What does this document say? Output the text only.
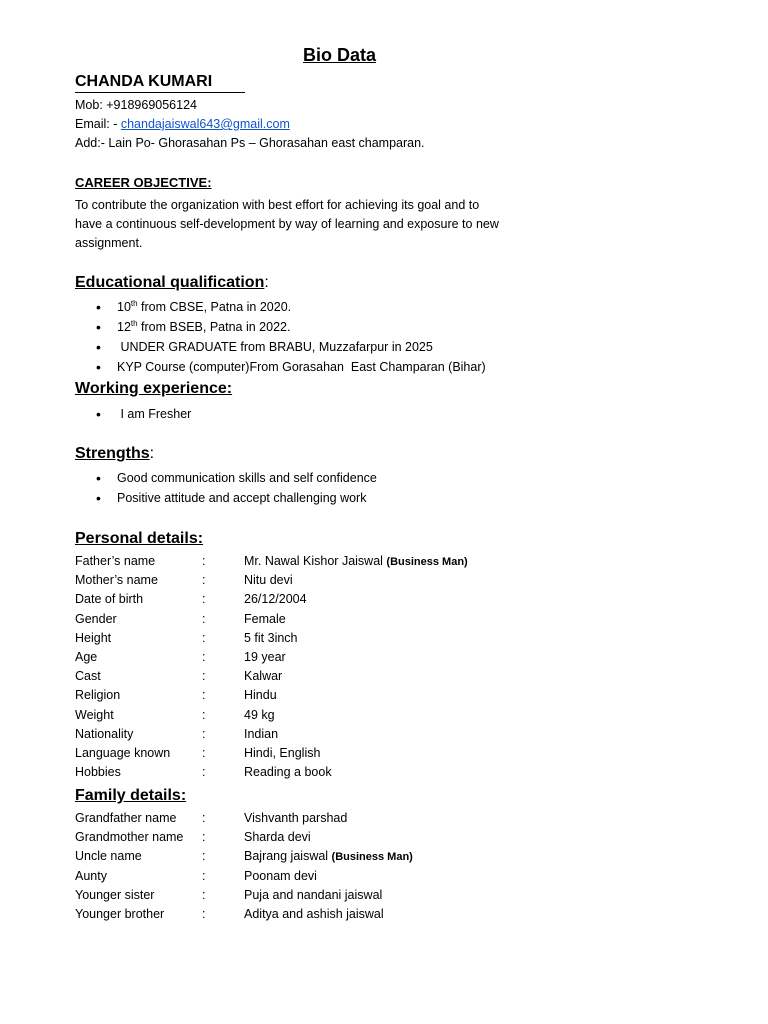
Bio Data
CHANDA KUMARI
Mob: +918969056124
Email: - chandajaiswal643@gmail.com
Add:- Lain Po- Ghorasahan Ps – Ghorasahan east champaran.
CAREER OBJECTIVE:
To contribute the organization with best effort for achieving its goal and to
have a continuous self-development by way of learning and exposure to new
assignment.
Educational qualification:
• 10th from CBSE, Patna in 2020.
• 12th from BSEB, Patna in 2022.
•  UNDER GRADUATE from BRABU, Muzzafarpur in 2025
• KYP Course (computer)From Gorasahan  East Champaran (Bihar)
Working experience:
•  I am Fresher
Strengths:
• Good communication skills and self confidence
• Positive attitude and accept challenging work
Personal details:
Father’s name	:	Mr. Nawal Kishor Jaiswal (Business Man)
Mother’s name	:	Nitu devi
Date of birth	:	26/12/2004
Gender	:	Female
Height	:	5 fit 3inch
Age	:	19 year
Cast	:	Kalwar
Religion	:	Hindu
Weight	:	49 kg
Nationality	:	Indian
Language known	:	Hindi, English
Hobbies	:	Reading a book
Family details:
Grandfather name :	Vishvanth parshad
Grandmother name :	Sharda devi
Uncle name	:	Bajrang jaiswal (Business Man)
Aunty	:	Poonam devi
Younger sister	:	Puja and nandani jaiswal
Younger brother	:	Aditya and ashish jaiswal
